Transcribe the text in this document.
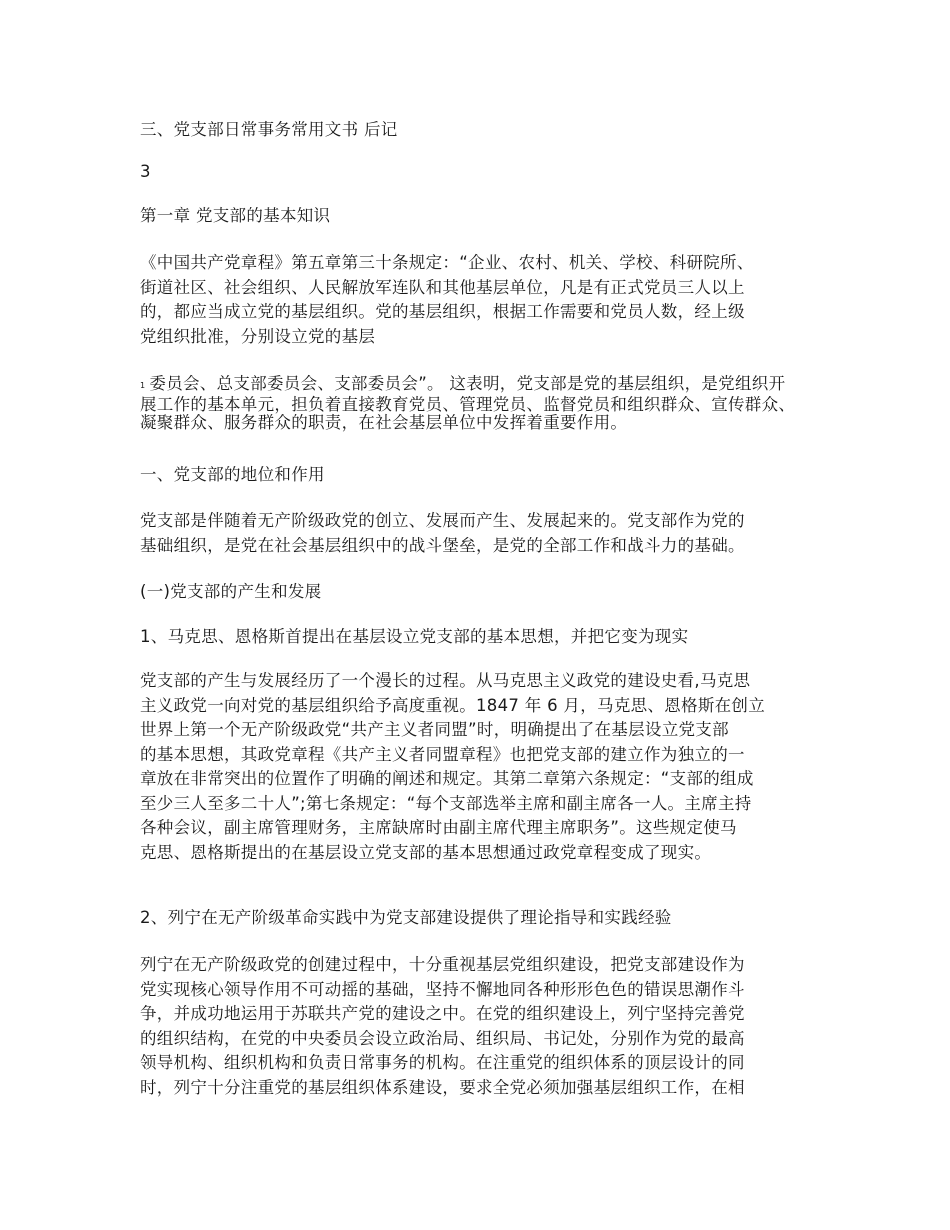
三、党支部日常事务常用文书 后记

3

第一章 党支部的基本知识

《中国共产党章程》第五章第三十条规定：“企业、农村、机关、学校、科研院所、
街道社区、社会组织、人民解放军连队和其他基层单位，凡是有正式党员三人以上
的，都应当成立党的基层组织。党的基层组织，根据工作需要和党员人数，经上级
党组织批准，分别设立党的基层
1 委员会、总支部委员会、支部委员会”。 这表明，党支部是党的基层组织，是党组织开
展工作的基本单元，担负着直接教育党员、管理党员、监督党员和组织群众、宣传群众、
凝聚群众、服务群众的职责，在社会基层单位中发挥着重要作用。

一、党支部的地位和作用

党支部是伴随着无产阶级政党的创立、发展而产生、发展起来的。党支部作为党的
基础组织，是党在社会基层组织中的战斗堡垒，是党的全部工作和战斗力的基础。

(一)党支部的产生和发展

1、马克思、恩格斯首提出在基层设立党支部的基本思想，并把它变为现实

党支部的产生与发展经历了一个漫长的过程。从马克思主义政党的建设史看,马克思
主义政党一向对党的基层组织给予高度重视。1847 年 6 月，马克思、恩格斯在创立
世界上第一个无产阶级政党“共产主义者同盟”时，明确提出了在基层设立党支部
的基本思想，其政党章程《共产主义者同盟章程》也把党支部的建立作为独立的一
章放在非常突出的位置作了明确的阐述和规定。其第二章第六条规定：“支部的组成
至少三人至多二十人”;第七条规定：“每个支部选举主席和副主席各一人。主席主持
各种会议，副主席管理财务，主席缺席时由副主席代理主席职务”。这些规定使马
克思、恩格斯提出的在基层设立党支部的基本思想通过政党章程变成了现实。

2、列宁在无产阶级革命实践中为党支部建设提供了理论指导和实践经验

列宁在无产阶级政党的创建过程中，十分重视基层党组织建设，把党支部建设作为
党实现核心领导作用不可动摇的基础，坚持不懈地同各种形形色色的错误思潮作斗
争，并成功地运用于苏联共产党的建设之中。在党的组织建设上，列宁坚持完善党
的组织结构，在党的中央委员会设立政治局、组织局、书记处，分别作为党的最高
领导机构、组织机构和负责日常事务的机构。在注重党的组织体系的顶层设计的同
时，列宁十分注重党的基层组织体系建设，要求全党必须加强基层组织工作，在相
